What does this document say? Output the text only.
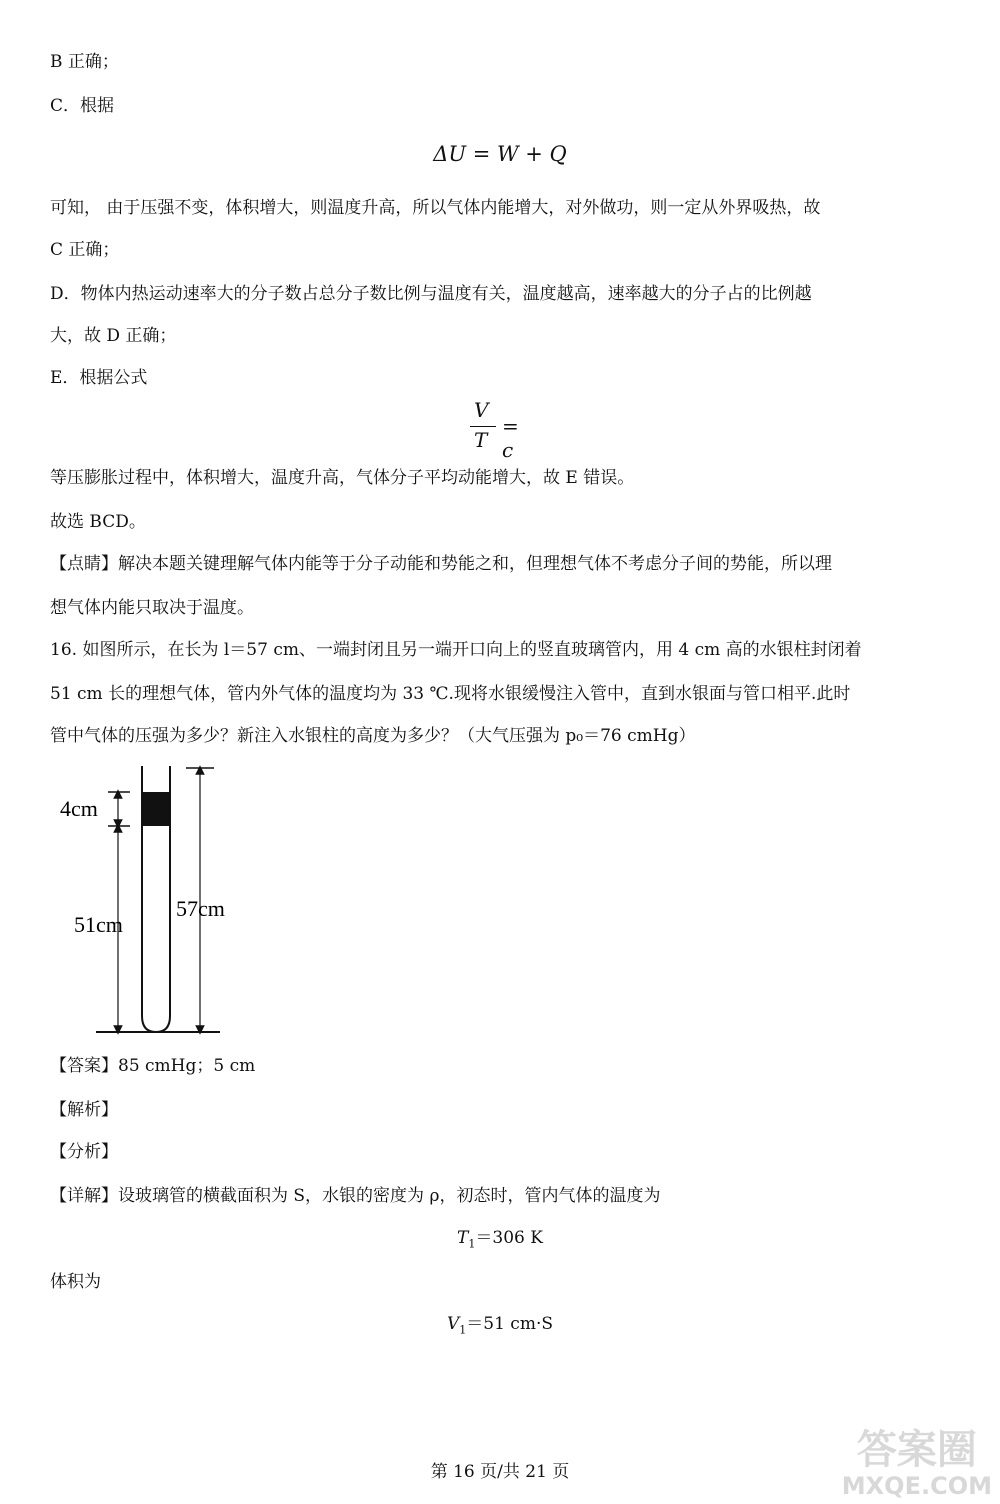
B 正确；
C．根据
ΔU = W + Q
可知， 由于压强不变，体积增大，则温度升高，所以气体内能增大，对外做功，则一定从外界吸热，故
C 正确；
D．物体内热运动速率大的分子数占总分子数比例与温度有关，温度越高，速率越大的分子占的比例越
大，故 D 正确；
E．根据公式
V
T
= c
等压膨胀过程中，体积增大，温度升高，气体分子平均动能增大，故 E 错误。
故选 BCD。
【点睛】解决本题关键理解气体内能等于分子动能和势能之和，但理想气体不考虑分子间的势能，所以理
想气体内能只取决于温度。
16. 如图所示，在长为 l＝57 cm、一端封闭且另一端开口向上的竖直玻璃管内，用 4 cm 高的水银柱封闭着
51 cm 长的理想气体，管内外气体的温度均为 33 ℃.现将水银缓慢注入管中，直到水银面与管口相平.此时
管中气体的压强为多少？新注入水银柱的高度为多少？（大气压强为 p₀＝76 cmHg）
4cm
51cm
57cm
【答案】85 cmHg；5 cm
【解析】
【分析】
【详解】设玻璃管的横截面积为 S，水银的密度为 ρ，初态时，管内气体的温度为
$T_1=306$ K
体积为
$V_1=51$ cm·S
第 16 页/共 21 页	答案圈
MXQE.COM
